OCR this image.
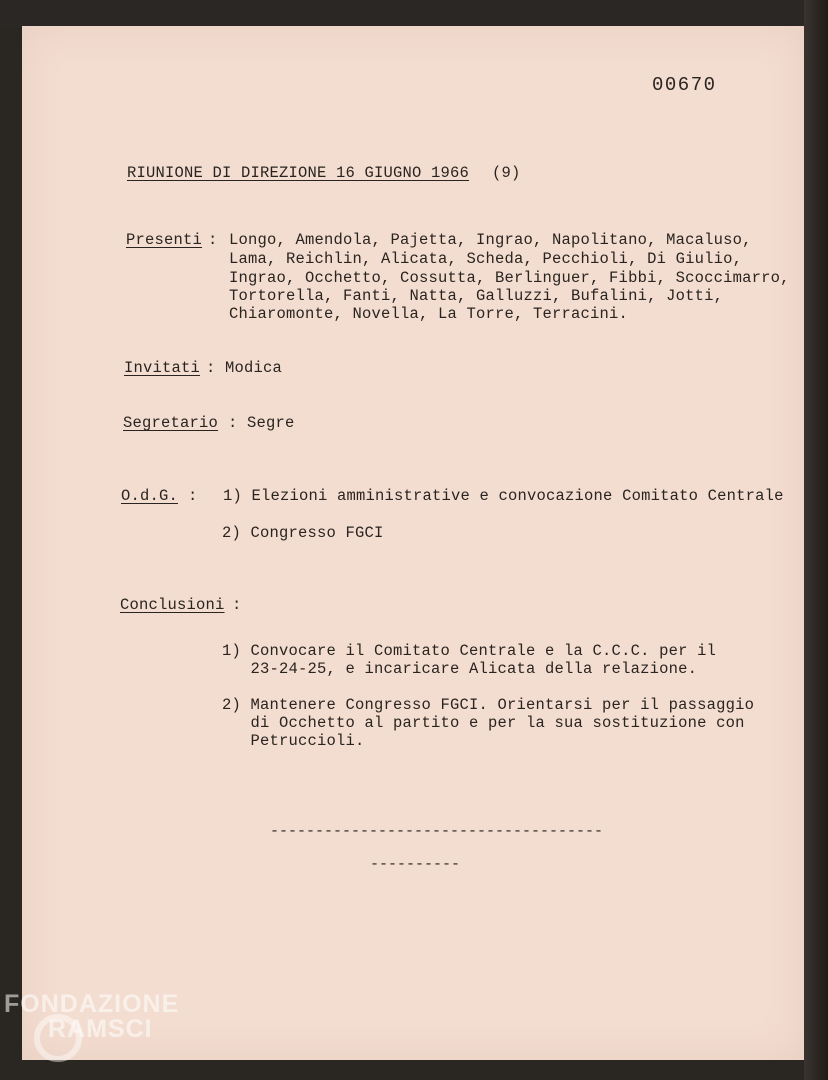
00670
RIUNIONE DI DIREZIONE 16 GIUGNO 1966 (9)
Presenti : Longo, Amendola, Pajetta, Ingrao, Napolitano, Macaluso,
Lama, Reichlin, Alicata, Scheda, Pecchioli, Di Giulio,
Ingrao, Occhetto, Cossutta, Berlinguer, Fibbi, Scoccimarro,
Tortorella, Fanti, Natta, Galluzzi, Bufalini, Jotti,
Chiaromonte, Novella, La Torre, Terracini.
Invitati : Modica
Segretario : Segre
O.d.G. : 1) Elezioni amministrative e convocazione Comitato Centrale
2) Congresso FGCI
Conclusioni :
1) Convocare il Comitato Centrale e la C.C.C. per il
23-24-25, e incaricare Alicata della relazione.
2) Mantenere Congresso FGCI. Orientarsi per il passaggio
di Occhetto al partito e per la sua sostituzione con
Petruccioli.
-------------------------------------
----------
FONDAZIONE
RAMSCI
